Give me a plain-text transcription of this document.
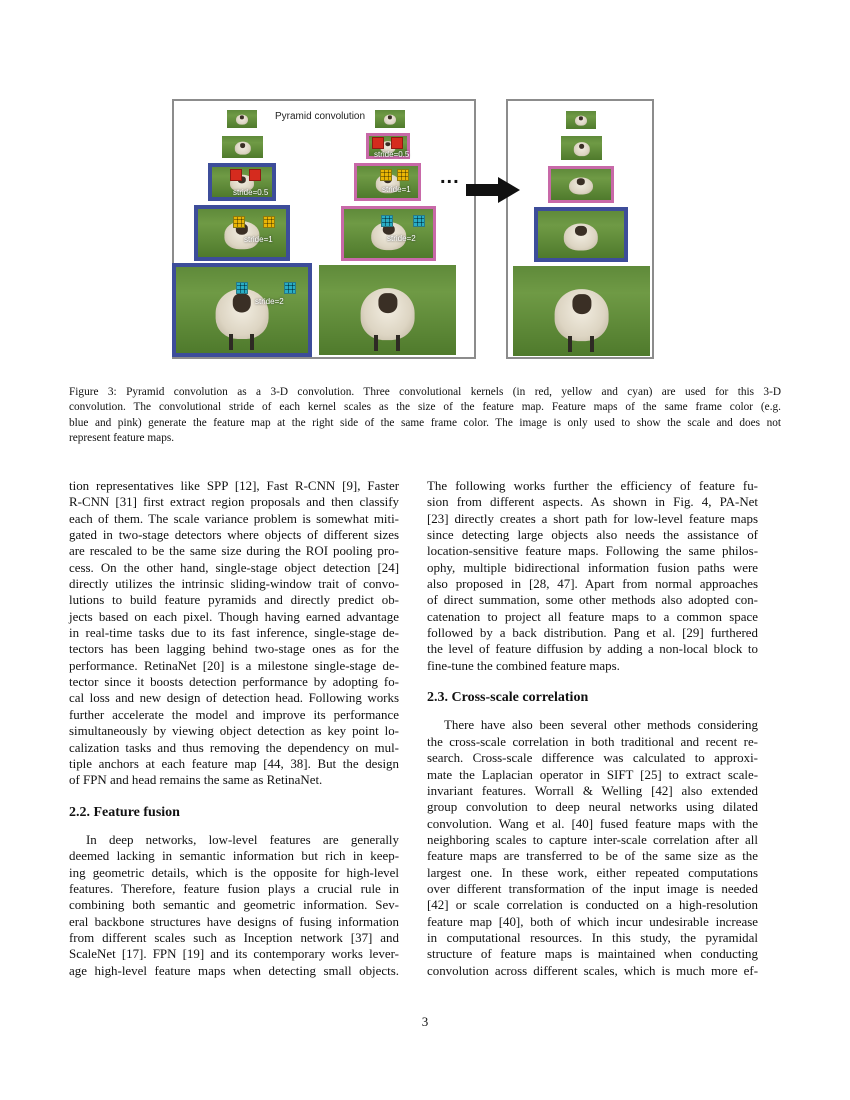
Pyramid convolution
stride=0.5
stride=1
stride=2
stride=0.5
stride=1
stride=2
...
Figure 3: Pyramid convolution as a 3-D convolution. Three convolutional kernels (in red, yellow and cyan) are used for this 3-D
convolution. The convolutional stride of each kernel scales as the size of the feature map. Feature maps of the same frame color (e.g.
blue and pink) generate the feature map at the right side of the same frame color. The image is only used to show the scale and does not
represent feature maps.
tion representatives like SPP [12], Fast R-CNN [9], Faster
R-CNN [31] first extract region proposals and then classify
each of them. The scale variance problem is somewhat miti-
gated in two-stage detectors where objects of different sizes
are rescaled to be the same size during the ROI pooling pro-
cess. On the other hand, single-stage object detection [24]
directly utilizes the intrinsic sliding-window trait of convo-
lutions to build feature pyramids and directly predict ob-
jects based on each pixel. Though having earned advantage
in real-time tasks due to its fast inference, single-stage de-
tectors has been lagging behind two-stage ones as for the
performance. RetinaNet [20] is a milestone single-stage de-
tector since it boosts detection performance by adopting fo-
cal loss and new design of detection head. Following works
further accelerate the model and improve its performance
simultaneously by viewing object detection as key point lo-
calization tasks and thus removing the dependency on mul-
tiple anchors at each feature map [44, 38]. But the design
of FPN and head remains the same as RetinaNet.
2.2. Feature fusion
In deep networks, low-level features are generally
deemed lacking in semantic information but rich in keep-
ing geometric details, which is the opposite for high-level
features. Therefore, feature fusion plays a crucial rule in
combining both semantic and geometric information. Sev-
eral backbone structures have designs of fusing information
from different scales such as Inception network [37] and
ScaleNet [17]. FPN [19] and its contemporary works lever-
age high-level feature maps when detecting small objects.
The following works further the efficiency of feature fu-
sion from different aspects. As shown in Fig. 4, PA-Net
[23] directly creates a short path for low-level feature maps
since detecting large objects also needs the assistance of
location-sensitive feature maps. Following the same philos-
ophy, multiple bidirectional information fusion paths were
also proposed in [28, 47]. Apart from normal approaches
of direct summation, some other methods also adopted con-
catenation to project all feature maps to a common space
followed by a back distribution. Pang et al. [29] furthered
the level of feature diffusion by adding a non-local block to
fine-tune the combined feature maps.
2.3. Cross-scale correlation
There have also been several other methods considering
the cross-scale correlation in both traditional and recent re-
search. Cross-scale difference was calculated to approxi-
mate the Laplacian operator in SIFT [25] to extract scale-
invariant features. Worrall & Welling [42] also extended
group convolution to deep neural networks using dilated
convolution. Wang et al. [40] fused feature maps with the
neighboring scales to capture inter-scale correlation after all
feature maps are transferred to be of the same size as the
largest one. In these work, either repeated computations
over different transformation of the input image is needed
[42] or scale correlation is conducted on a high-resolution
feature map [40], both of which incur undesirable increase
in computational resources. In this study, the pyramidal
structure of feature maps is maintained when conducting
convolution across different scales, which is much more ef-
3
